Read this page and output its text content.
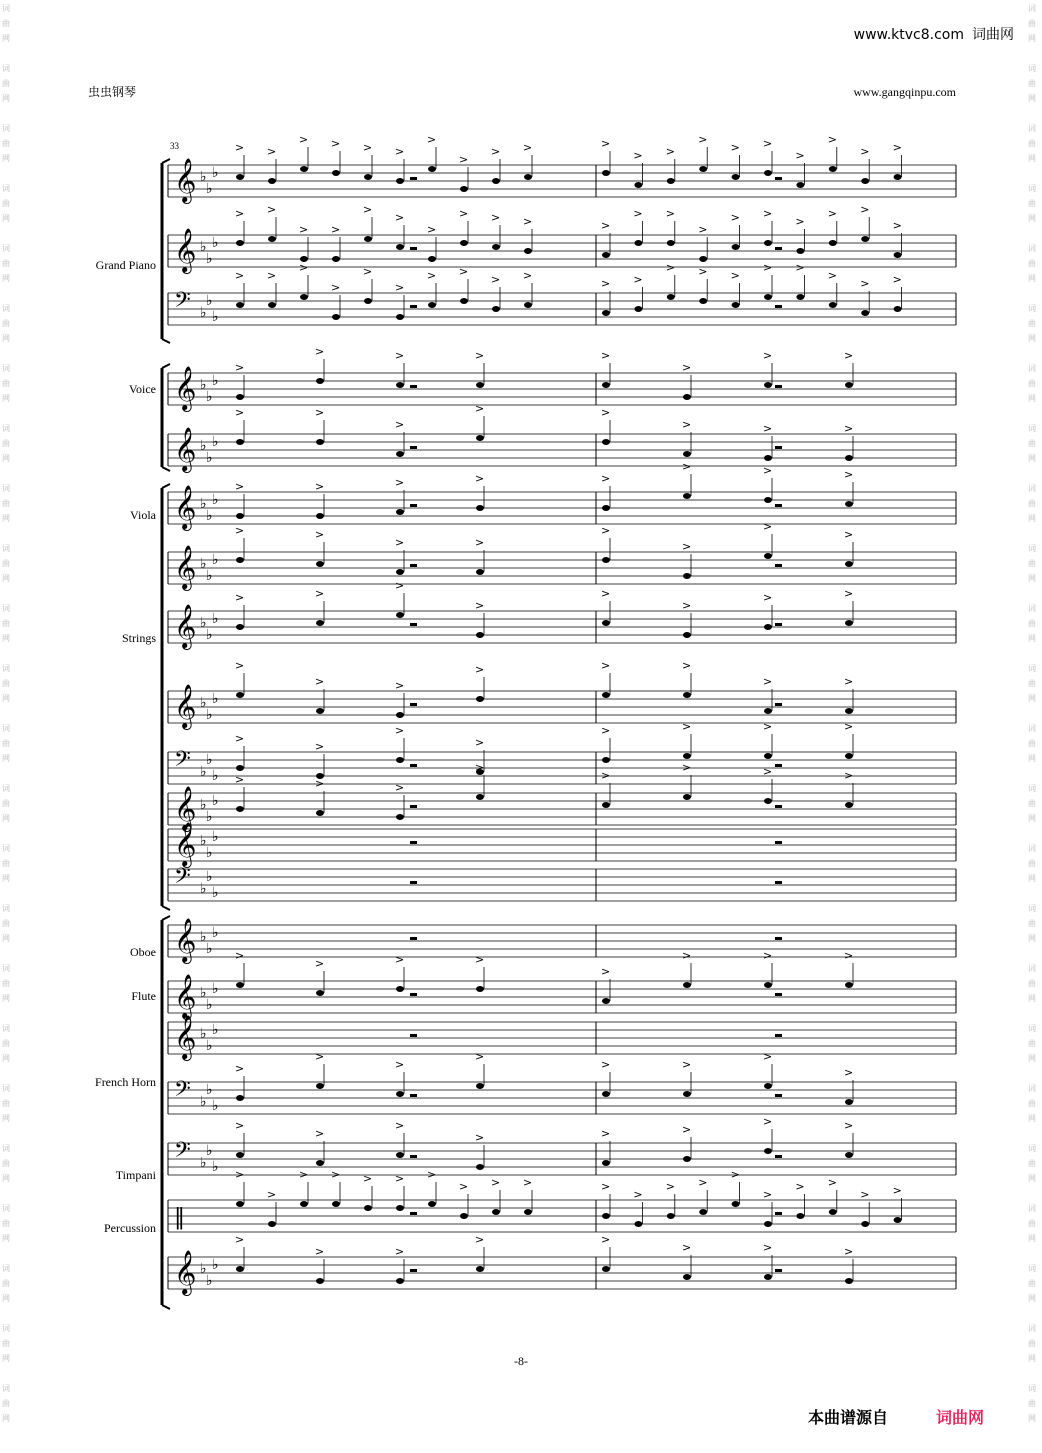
词
曲
网
词
曲
网
词
曲
网
词
曲
网
词
曲
网
词
曲
网
词
曲
网
词
曲
网
词
曲
网
词
曲
网
词
曲
网
词
曲
网
词
曲
网
词
曲
网
词
曲
网
词
曲
网
词
曲
网
词
曲
网
词
曲
网
词
曲
网
词
曲
网
词
曲
网
词
曲
网
词
曲
网
词
曲
网
词
曲
网
词
曲
网
词
曲
网
词
曲
网
词
曲
网
词
曲
网
词
曲
网
词
曲
网
词
曲
网
词
曲
网
词
曲
网
词
曲
网
词
曲
网
词
曲
网
词
曲
网
词
曲
网
词
曲
网
词
曲
网
词
曲
网
词
曲
网
词
曲
网
词
曲
网
词
曲
网
www.ktvc8.com 词曲网
虫虫钢琴	www.gangqinpu.com
Grand Piano
Voice
Viola
Strings
Oboe
Flute
French Horn
Timpani
Percussion
33
𝄞 ♭
♭
♭
𝄞 ♭
♭
♭
𝄢 ♭
♭
♭
𝄞 ♭
♭
♭
𝄞 ♭
♭
♭
𝄞 ♭
♭
♭
𝄞 ♭
♭
♭
𝄞 ♭
♭
♭
𝄞 ♭
♭
♭
𝄢 ♭
♭
♭
𝄞 ♭
♭
♭
𝄞 ♭
♭
♭
𝄢 ♭
♭
♭
𝄞 ♭
♭
♭
𝄞 ♭
♭
♭
𝄞 ♭
♭
♭
𝄢 ♭
♭
♭
𝄢 ♭
♭
♭
‖
𝄞 ♭
♭
♭
> >
> > > >
>
>
> >	>
> >
>
> >
>
>
> >
> >
> >
>
>
>
> > >	>
> >
>
> >
>
> >
>
> >
>
>
>
>
> >
> >
> >
> > >
> >
>
> >
>
>	>	>	>
>
>	>
>	>
>
>	>
>	>	>
>	>	>	>	>
>	>	>
>	>
>	>
>
>
>
>
>	>
>
>
>
>
>	>
>
>	>
>	>	>
>	>
>
>
>
>
>	>	>	>
>	>	>
>
>
>	>	>
>
>	>	>
>
>	>	>
>
>
>
>
>	>
>
>
>
>
>
>	>	>
>	>
>
>
> > > > >
> > >	>
>
> >
>
>
> >
> >
>
>	>
>	>
>	>	>
-8-
本曲谱源自	词曲网
